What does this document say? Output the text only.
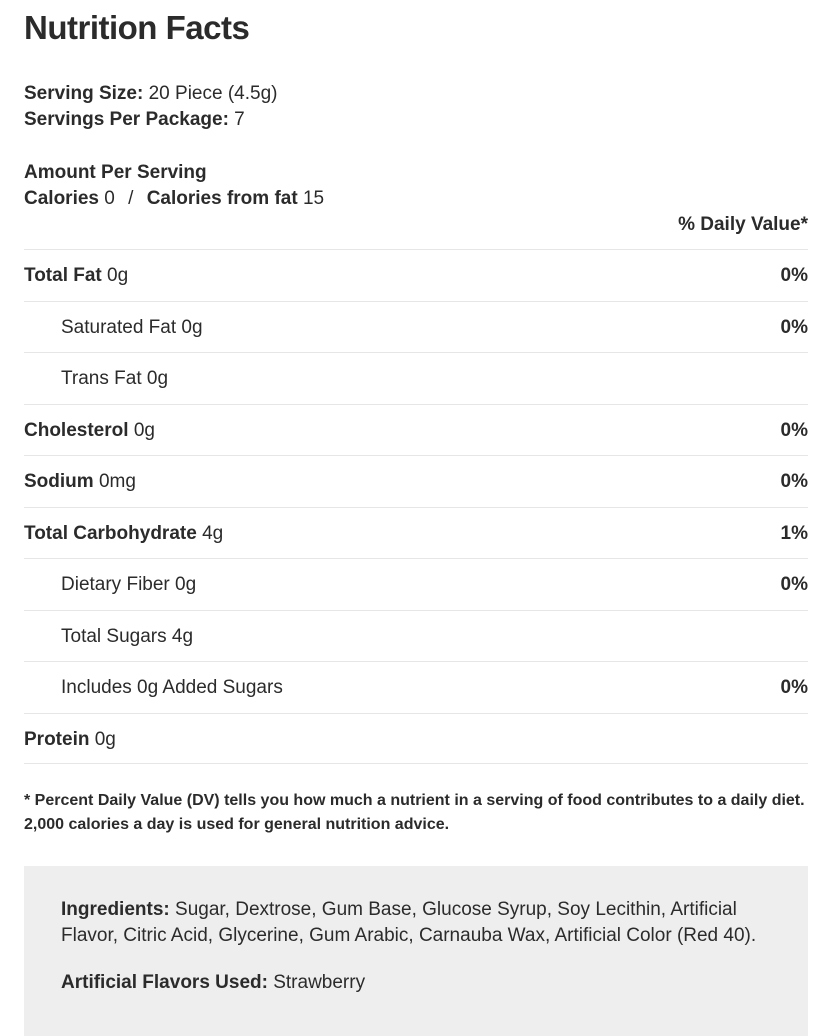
Nutrition Facts
Serving Size: 20 Piece (4.5g)
Servings Per Package: 7
Amount Per Serving
Calories 0 / Calories from fat 15
% Daily Value*
Total Fat 0g	0%
Saturated Fat 0g	0%
Trans Fat 0g
Cholesterol 0g	0%
Sodium 0mg	0%
Total Carbohydrate 4g	1%
Dietary Fiber 0g	0%
Total Sugars 4g
Includes 0g Added Sugars	0%
Protein 0g
* Percent Daily Value (DV) tells you how much a nutrient in a serving of food contributes to a daily diet. 2,000 calories a day is used for general nutrition advice.
Ingredients: Sugar, Dextrose, Gum Base, Glucose Syrup, Soy Lecithin, Artificial Flavor, Citric Acid, Glycerine, Gum Arabic, Carnauba Wax, Artificial Color (Red 40).
Artificial Flavors Used: Strawberry
